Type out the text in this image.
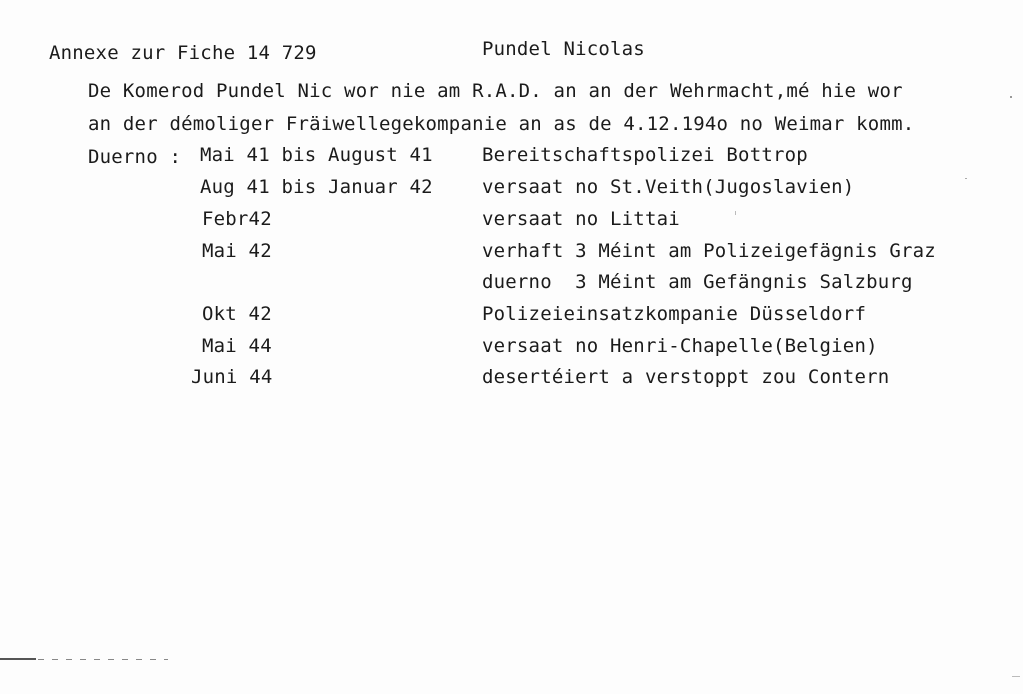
Annexe zur Fiche 14 729	Pundel Nicolas
De Komerod Pundel Nic wor nie am R.A.D. an an der Wehrmacht,mé hie wor
an der démoliger Fräiwellegekompanie an as de 4.12.194o no Weimar komm.
Duerno : Mai 41 bis August 41	Bereitschaftspolizei Bottrop
Aug 41 bis Januar 42	versaat no St.Veith(Jugoslavien)
Febr42	versaat no Littai
Mai 42	verhaft 3 Méint am Polizeigefägnis Graz
duerno  3 Méint am Gefängnis Salzburg
Okt 42	Polizeieinsatzkompanie Düsseldorf
Mai 44	versaat no Henri-Chapelle(Belgien)
Juni 44	desertéiert a verstoppt zou Contern
